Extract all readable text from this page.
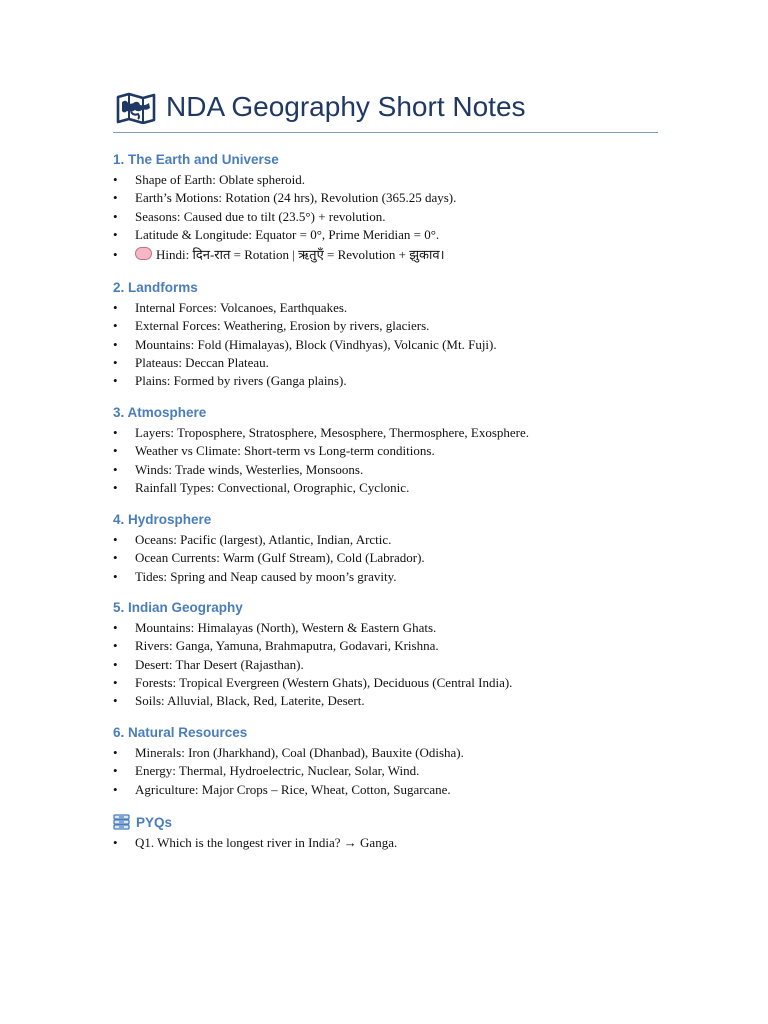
NDA Geography Short Notes
1. The Earth and Universe
• Shape of Earth: Oblate spheroid.
• Earth’s Motions: Rotation (24 hrs), Revolution (365.25 days).
• Seasons: Caused due to tilt (23.5°) + revolution.
• Latitude & Longitude: Equator = 0°, Prime Meridian = 0°.
•	Hindi: दिन-रात = Rotation | ऋतुएँ = Revolution + झुकाव।
2. Landforms
• Internal Forces: Volcanoes, Earthquakes.
• External Forces: Weathering, Erosion by rivers, glaciers.
• Mountains: Fold (Himalayas), Block (Vindhyas), Volcanic (Mt. Fuji).
• Plateaus: Deccan Plateau.
• Plains: Formed by rivers (Ganga plains).
3. Atmosphere
• Layers: Troposphere, Stratosphere, Mesosphere, Thermosphere, Exosphere.
• Weather vs Climate: Short-term vs Long-term conditions.
• Winds: Trade winds, Westerlies, Monsoons.
• Rainfall Types: Convectional, Orographic, Cyclonic.
4. Hydrosphere
• Oceans: Pacific (largest), Atlantic, Indian, Arctic.
• Ocean Currents: Warm (Gulf Stream), Cold (Labrador).
• Tides: Spring and Neap caused by moon’s gravity.
5. Indian Geography
• Mountains: Himalayas (North), Western & Eastern Ghats.
• Rivers: Ganga, Yamuna, Brahmaputra, Godavari, Krishna.
• Desert: Thar Desert (Rajasthan).
• Forests: Tropical Evergreen (Western Ghats), Deciduous (Central India).
• Soils: Alluvial, Black, Red, Laterite, Desert.
6. Natural Resources
• Minerals: Iron (Jharkhand), Coal (Dhanbad), Bauxite (Odisha).
• Energy: Thermal, Hydroelectric, Nuclear, Solar, Wind.
• Agriculture: Major Crops – Rice, Wheat, Cotton, Sugarcane.
PYQs
• Q1. Which is the longest river in India? → Ganga.
